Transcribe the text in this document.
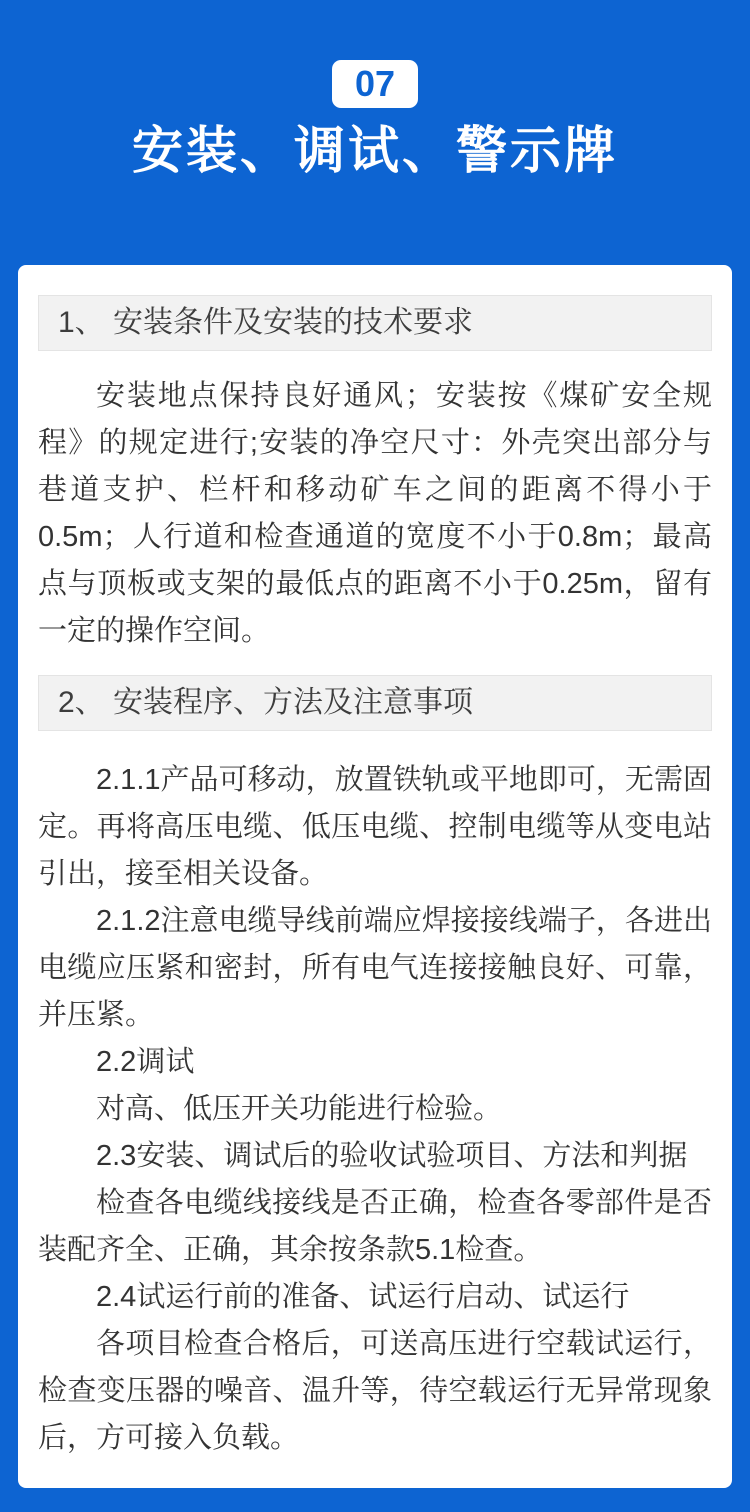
07
安装、调试、警示牌
1、 安装条件及安装的技术要求

安装地点保持良好通风；安装按《煤矿安全规程》的规定进行;安装的净空尺寸：外壳突出部分与巷道支护、栏杆和移动矿车之间的距离不得小于0.5m；人行道和检查通道的宽度不小于0.8m；最高点与顶板或支架的最低点的距离不小于0.25m，留有一定的操作空间。

2、 安装程序、方法及注意事项

2.1.1产品可移动，放置铁轨或平地即可，无需固定。再将高压电缆、低压电缆、控制电缆等从变电站引出，接至相关设备。

2.1.2注意电缆导线前端应焊接接线端子，各进出电缆应压紧和密封，所有电气连接接触良好、可靠，并压紧。

2.2调试

对高、低压开关功能进行检验。

2.3安装、调试后的验收试验项目、方法和判据

检查各电缆线接线是否正确，检查各零部件是否装配齐全、正确，其余按条款5.1检查。

2.4试运行前的准备、试运行启动、试运行

各项目检查合格后，可送高压进行空载试运行，检查变压器的噪音、温升等，待空载运行无异常现象后，方可接入负载。
